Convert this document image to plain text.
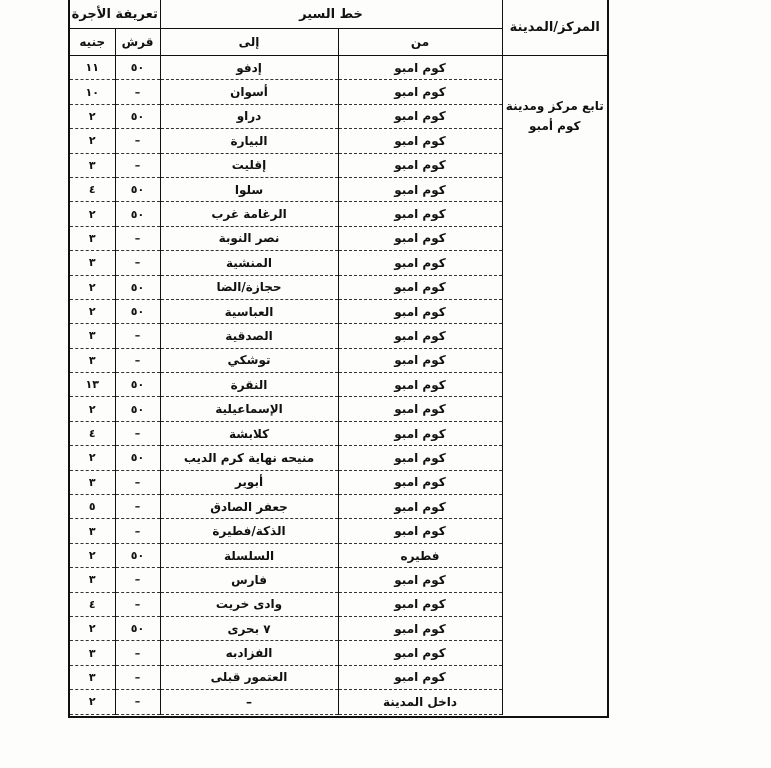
المركز/المدينة	خط السير		تعريفة الأجرة	
	من	إلى	قرش	جنيه
تابع مركز ومدينة كوم أمبو	كوم امبو	إدفو	٥٠	١١
	كوم امبو	أسوان	–	١٠
	كوم امبو	دراو	٥٠	٢
	كوم امبو	البيارة	–	٢
	كوم امبو	إقليت	–	٣
	كوم امبو	سلوا	٥٠	٤
	كوم امبو	الرغامة غرب	٥٠	٢
	كوم امبو	نصر النوبة	–	٣
	كوم امبو	المنشية	–	٣
	كوم امبو	حجازة/الضا	٥٠	٢
	كوم امبو	العباسية	٥٠	٢
	كوم امبو	الصدقية	–	٣
	كوم امبو	توشكي	–	٣
	كوم امبو	النقرة	٥٠	١٣
	كوم امبو	الإسماعيلية	٥٠	٢
	كوم امبو	كلابشة	–	٤
	كوم امبو	منيحه نهاية كرم الديب	٥٠	٢
	كوم امبو	أبوير	–	٣
	كوم امبو	جعفر الصادق	–	٥
	كوم امبو	الذكة/فطيرة	–	٣
	فطيره	السلسلة	٥٠	٢
	كوم امبو	فارس	–	٣
	كوم امبو	وادى خريت	–	٤
	كوم امبو	٧ بحرى	٥٠	٢
	كوم امبو	الفزادبه	–	٣
	كوم امبو	العتمور قبلى	–	٣
	داخل المدينة	–	–	٢
